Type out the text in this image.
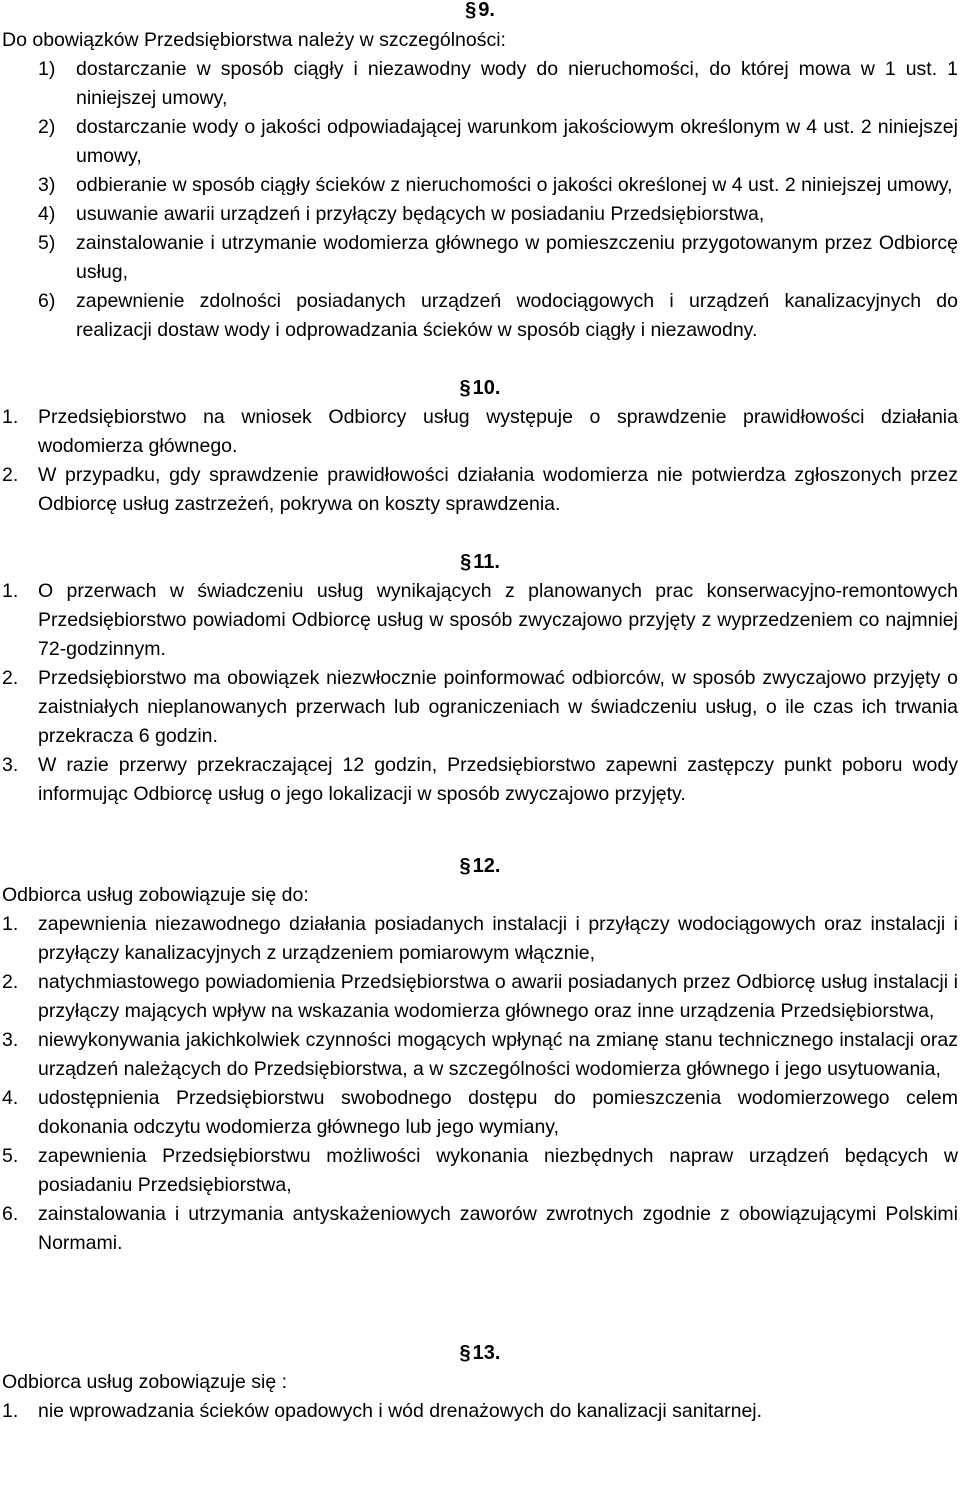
§ 9.
Do obowiązków Przedsiębiorstwa należy w szczególności:
1)	dostarczanie w sposób ciągły i niezawodny wody do nieruchomości, do której mowa w 1 ust. 1 niniejszej umowy,
2)	dostarczanie wody o jakości odpowiadającej warunkom jakościowym określonym w 4 ust. 2 niniejszej umowy,
3)	odbieranie w sposób ciągły ścieków z nieruchomości o jakości określonej w 4 ust. 2 niniejszej umowy,
4)	usuwanie awarii urządzeń i przyłączy będących w posiadaniu Przedsiębiorstwa,
5)	zainstalowanie i utrzymanie wodomierza głównego w pomieszczeniu przygotowanym przez Odbiorcę usług,
6)	zapewnienie zdolności posiadanych urządzeń wodociągowych i urządzeń kanalizacyjnych do realizacji dostaw wody i odprowadzania ścieków w sposób ciągły i niezawodny.
§ 10.
1. Przedsiębiorstwo na wniosek Odbiorcy usług występuje o sprawdzenie prawidłowości działania wodomierza głównego.
2. W przypadku, gdy sprawdzenie prawidłowości działania wodomierza nie potwierdza zgłoszonych przez Odbiorcę usług zastrzeżeń, pokrywa on koszty sprawdzenia.
§ 11.
1. O przerwach w świadczeniu usług wynikających z planowanych prac konserwacyjno-remontowych Przedsiębiorstwo powiadomi Odbiorcę usług w sposób zwyczajowo przyjęty z wyprzedzeniem co najmniej 72-godzinnym.
2. Przedsiębiorstwo ma obowiązek niezwłocznie poinformować odbiorców, w sposób zwyczajowo przyjęty o zaistniałych nieplanowanych przerwach lub ograniczeniach w świadczeniu usług, o ile czas ich trwania przekracza 6 godzin.
3. W razie przerwy przekraczającej 12 godzin, Przedsiębiorstwo zapewni zastępczy punkt poboru wody informując Odbiorcę usług o jego lokalizacji w sposób zwyczajowo przyjęty.
§ 12.
Odbiorca usług zobowiązuje się do:
1. zapewnienia niezawodnego działania posiadanych instalacji i przyłączy wodociągowych oraz instalacji i przyłączy kanalizacyjnych z urządzeniem pomiarowym włącznie,
2. natychmiastowego powiadomienia Przedsiębiorstwa o awarii posiadanych przez Odbiorcę usług instalacji i przyłączy mających wpływ na wskazania wodomierza głównego oraz inne urządzenia Przedsiębiorstwa,
3. niewykonywania jakichkolwiek czynności mogących wpłynąć na zmianę stanu technicznego instalacji oraz urządzeń należących do Przedsiębiorstwa, a w szczególności wodomierza głównego i jego usytuowania,
4. udostępnienia Przedsiębiorstwu swobodnego dostępu do pomieszczenia wodomierzowego celem dokonania odczytu wodomierza głównego lub jego wymiany,
5. zapewnienia Przedsiębiorstwu możliwości wykonania niezbędnych napraw urządzeń będących w posiadaniu Przedsiębiorstwa,
6. zainstalowania i utrzymania antyskażeniowych zaworów zwrotnych zgodnie z obowiązującymi Polskimi Normami.
§ 13.
Odbiorca usług zobowiązuje się :
1. nie wprowadzania ścieków opadowych i wód drenażowych do kanalizacji sanitarnej.
